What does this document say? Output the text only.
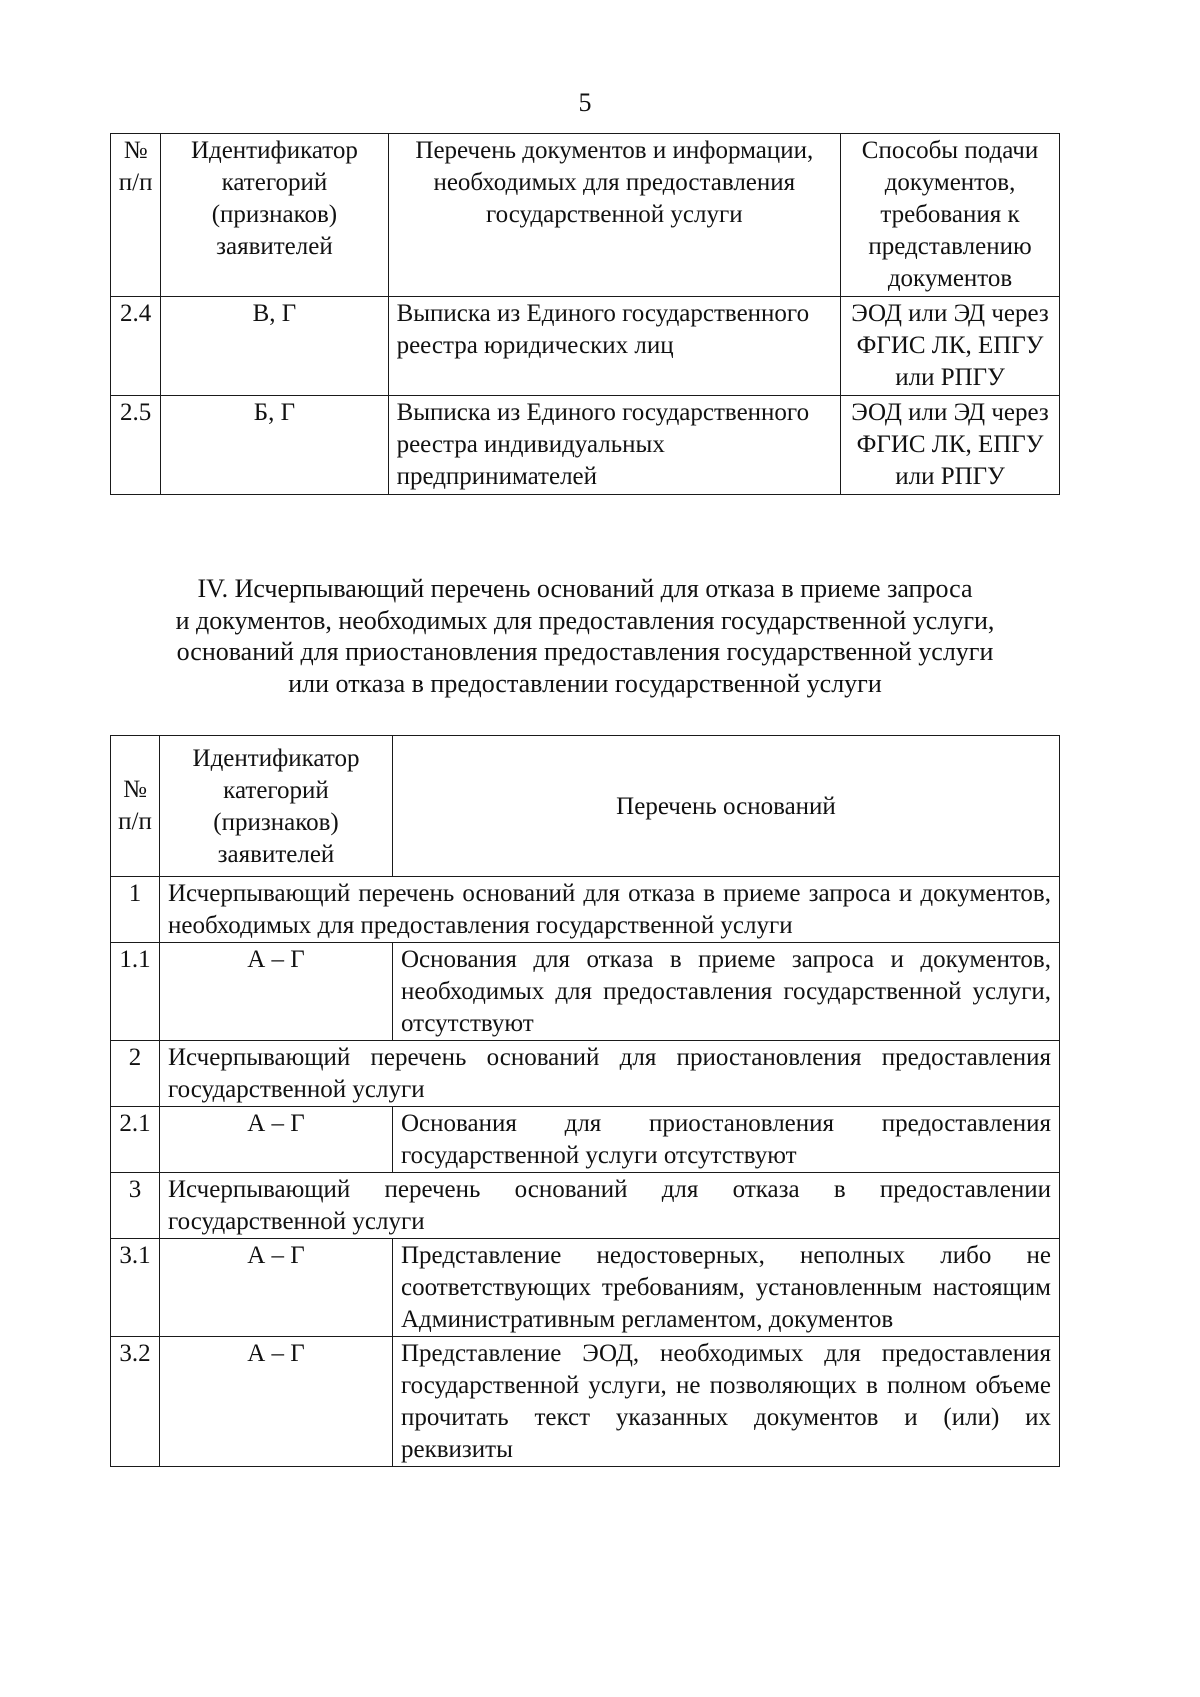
5
№ п/п	Идентификатор категорий (признаков) заявителей	Перечень документов и информации, необходимых для предоставления государственной услуги	Способы подачи документов, требования к представлению документов
2.4	В, Г	Выписка из Единого государственного реестра юридических лиц	ЭОД или ЭД через ФГИС ЛК, ЕПГУ или РПГУ
2.5	Б, Г	Выписка из Единого государственного реестра индивидуальных предпринимателей	ЭОД или ЭД через ФГИС ЛК, ЕПГУ или РПГУ
IV. Исчерпывающий перечень оснований для отказа в приеме запроса
и документов, необходимых для предоставления государственной услуги,
оснований для приостановления предоставления государственной услуги
или отказа в предоставлении государственной услуги
№ п/п	Идентификатор категорий (признаков) заявителей	Перечень оснований
1	Исчерпывающий перечень оснований для отказа в приеме запроса и документов, необходимых для предоставления государственной услуги	
1.1	А – Г	Основания для отказа в приеме запроса и документов, необходимых для предоставления государственной услуги, отсутствуют
2	Исчерпывающий перечень оснований для приостановления предоставления государственной услуги	
2.1	А – Г	Основания для приостановления предоставления государственной услуги отсутствуют
3	Исчерпывающий перечень оснований для отказа в предоставлении государственной услуги	
3.1	А – Г	Представление недостоверных, неполных либо не соответствующих требованиям, установленным настоящим Административным регламентом, документов
3.2	А – Г	Представление ЭОД, необходимых для предоставления государственной услуги, не позволяющих в полном объеме прочитать текст указанных документов и (или) их реквизиты
